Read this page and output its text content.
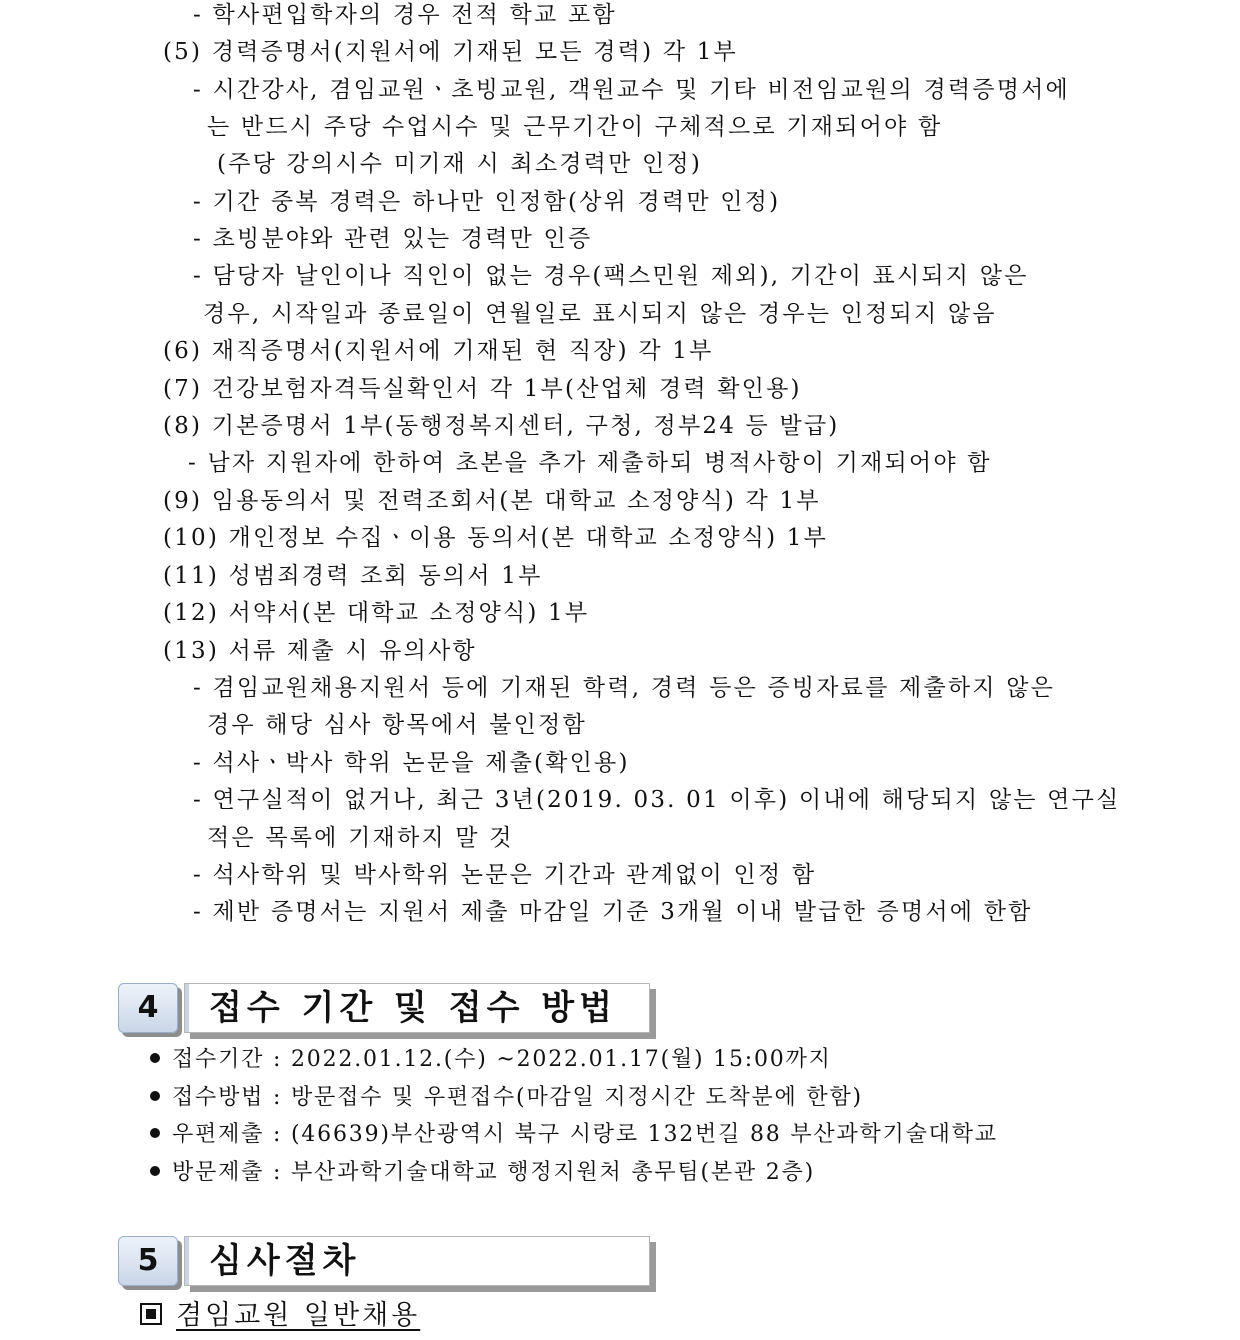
- 학사편입학자의 경우 전적 학교 포함
(5) 경력증명서(지원서에 기재된 모든 경력) 각 1부
- 시간강사, 겸임교원ㆍ초빙교원, 객원교수 및 기타 비전임교원의 경력증명서에
는 반드시 주당 수업시수 및 근무기간이 구체적으로 기재되어야 함
(주당 강의시수 미기재 시 최소경력만 인정)
- 기간 중복 경력은 하나만 인정함(상위 경력만 인정)
- 초빙분야와 관련 있는 경력만 인증
- 담당자 날인이나 직인이 없는 경우(팩스민원 제외), 기간이 표시되지 않은
경우, 시작일과 종료일이 연월일로 표시되지 않은 경우는 인정되지 않음
(6) 재직증명서(지원서에 기재된 현 직장) 각 1부
(7) 건강보험자격득실확인서 각 1부(산업체 경력 확인용)
(8) 기본증명서 1부(동행정복지센터, 구청, 정부24 등 발급)
- 남자 지원자에 한하여 초본을 추가 제출하되 병적사항이 기재되어야 함
(9) 임용동의서 및 전력조회서(본 대학교 소정양식) 각 1부
(10) 개인정보 수집ㆍ이용 동의서(본 대학교 소정양식) 1부
(11) 성범죄경력 조회 동의서 1부
(12) 서약서(본 대학교 소정양식) 1부
(13) 서류 제출 시 유의사항
- 겸임교원채용지원서 등에 기재된 학력, 경력 등은 증빙자료를 제출하지 않은
경우 해당 심사 항목에서 불인정함
- 석사ㆍ박사 학위 논문을 제출(확인용)
- 연구실적이 없거나, 최근 3년(2019. 03. 01 이후) 이내에 해당되지 않는 연구실
적은 목록에 기재하지 말 것
- 석사학위 및 박사학위 논문은 기간과 관계없이 인정 함
- 제반 증명서는 지원서 제출 마감일 기준 3개월 이내 발급한 증명서에 한함
4	접수 기간 및 접수 방법
접수기간 : 2022.01.12.(수) ~2022.01.17(월) 15:00까지
접수방법 : 방문접수 및 우편접수(마감일 지정시간 도착분에 한함)
우편제출 : (46639)부산광역시 북구 시랑로 132번길 88 부산과학기술대학교
방문제출 : 부산과학기술대학교 행정지원처 총무팀(본관 2층)
5	심사절차
겸임교원 일반채용
